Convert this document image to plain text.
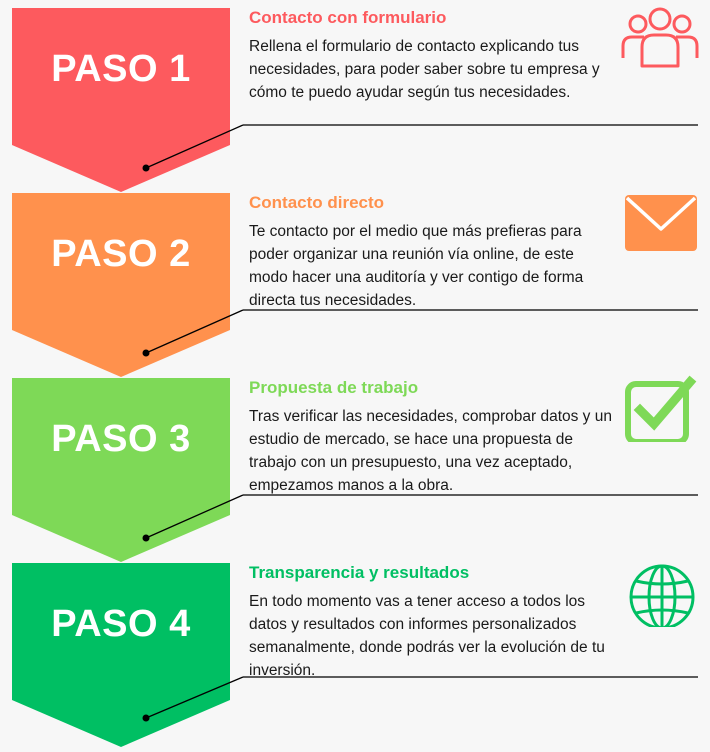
PASO 1
Contacto con formulario
Rellena el formulario de contacto explicando tus necesidades, para poder saber sobre tu empresa y cómo te puedo ayudar según tus necesidades.
PASO 2
Contacto directo
Te contacto por el medio que más prefieras para poder organizar una reunión vía online, de este modo hacer una auditoría y ver contigo de forma directa tus necesidades.
PASO 3
Propuesta de trabajo
Tras verificar las necesidades, comprobar datos y un estudio de mercado, se hace una propuesta de trabajo con un presupuesto, una vez aceptado, empezamos manos a la obra.
PASO 4
Transparencia y resultados
En todo momento vas a tener acceso a todos los datos y resultados con informes personalizados semanalmente, donde podrás ver la evolución de tu inversión.
